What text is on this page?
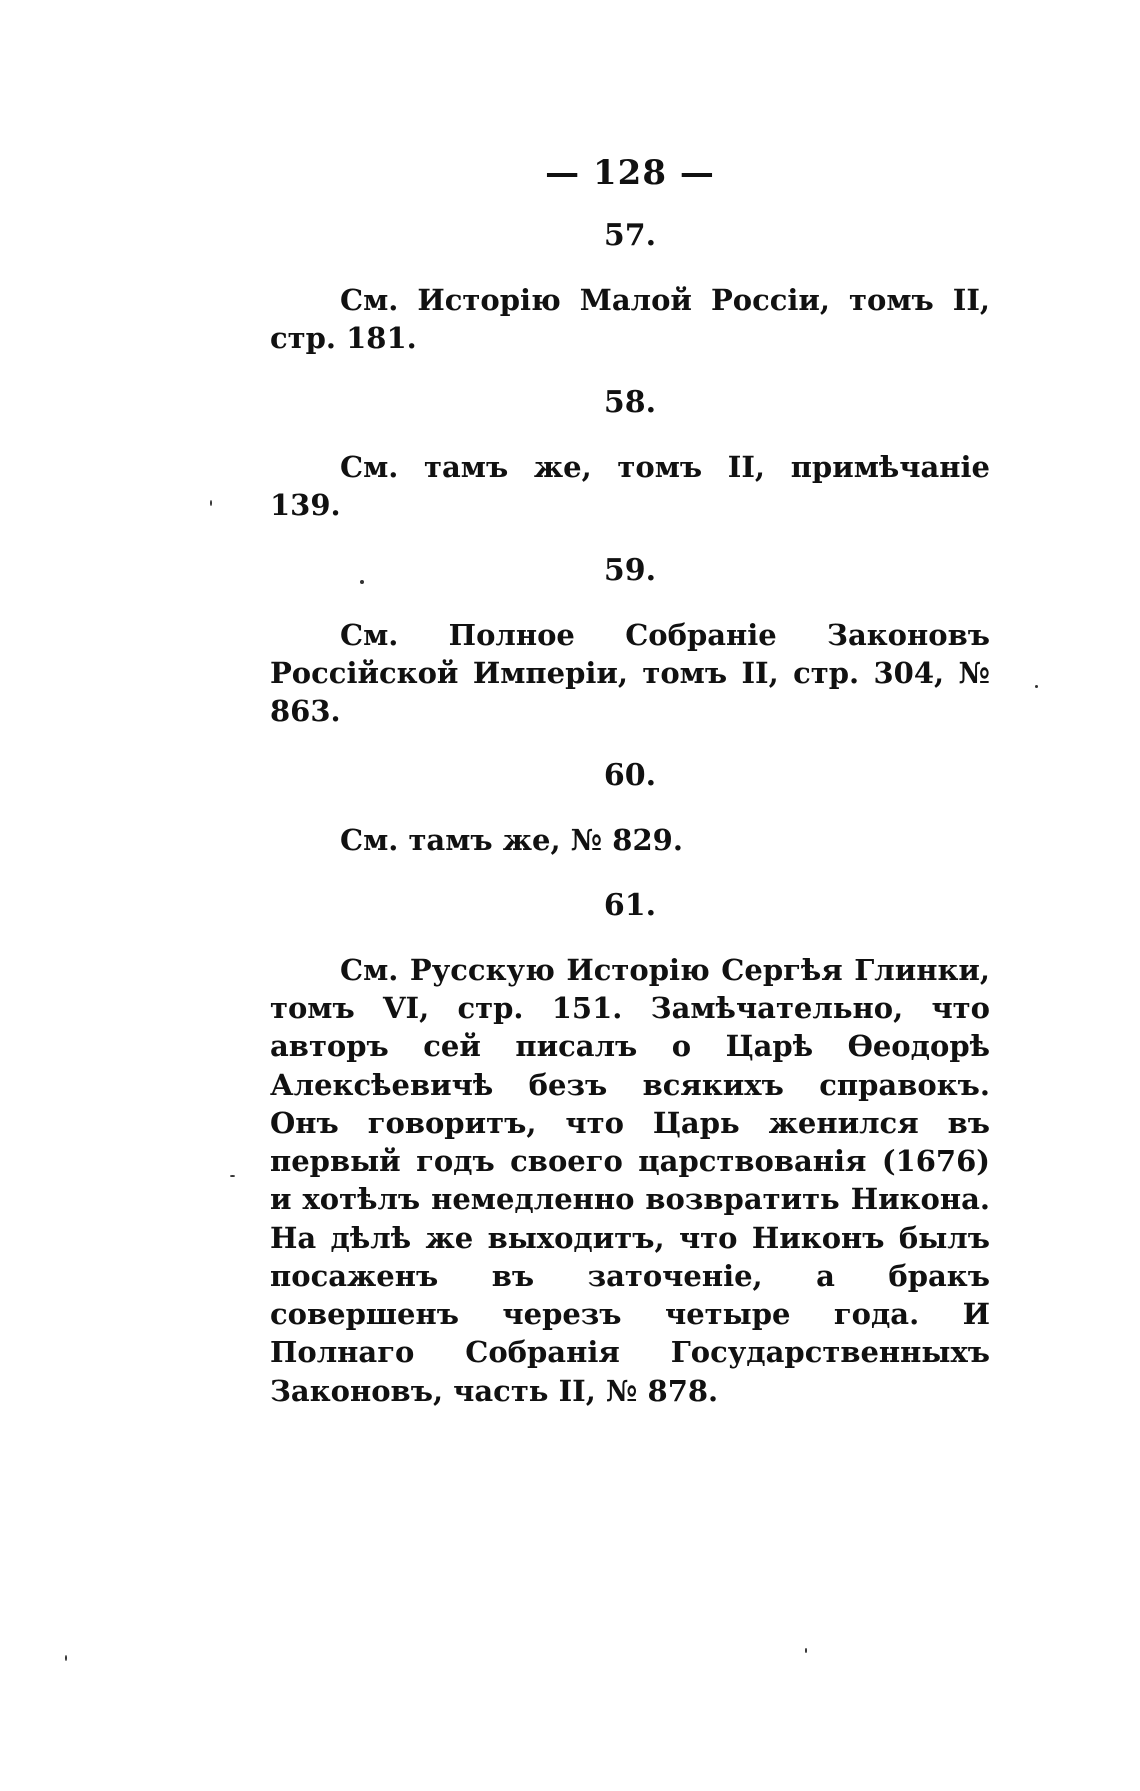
— 128 —
57.

См. Исторію Малой Россіи, томъ II, стр. 181.

58.

См. тамъ же, томъ II, примѣчаніе 139.

59.

См. Полное Собраніе Законовъ Россійской Имперіи, томъ II, стр. 304, № 863.

60.

См. тамъ же, № 829.

61.

См. Русскую Исторію Сергѣя Глинки, томъ VI, стр. 151. Замѣчательно, что авторъ сей писалъ о Царѣ Ѳеодорѣ Алексѣевичѣ безъ всякихъ справокъ. Онъ говоритъ, что Царь женился въ первый годъ своего царствованія (1676) и хотѣлъ немедленно возвратить Никона. На дѣлѣ же выходитъ, что Никонъ былъ посаженъ въ заточеніе, а бракъ совершенъ черезъ четыре года. И Полнаго Собранія Государственныхъ Законовъ, часть II, № 878.
